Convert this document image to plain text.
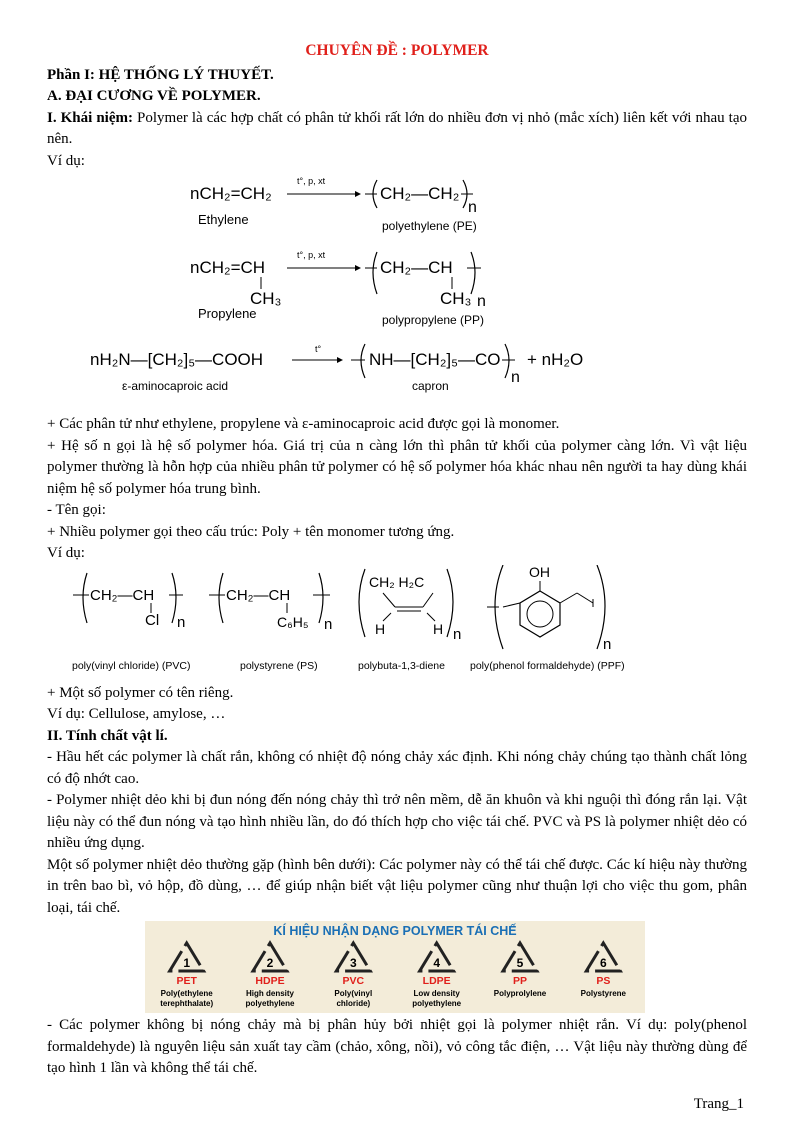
CHUYÊN ĐỀ : POLYMER

Phần I: HỆ THỐNG LÝ THUYẾT.

A. ĐẠI CƯƠNG VỀ POLYMER.

I. Khái niệm: Polymer là các hợp chất có phân tử khối rất lớn do nhiều đơn vị nhỏ (mắc xích) liên kết với nhau tạo nên.

Ví dụ:

nCH₂=CH₂
t°, p, xt
CH₂—CH₂
n
Ethylene	polyethylene (PE)
nCH₂=CH
CH₃
t°, p, xt
CH₂—CH
CH₃ n
Propylene	polypropylene (PP)
nH₂N—[CH₂]₅—COOH
t°
NH—[CH₂]₅—CO
n
+ nH₂O
ε-aminocaproic acid	capron

+ Các phân tử như ethylene, propylene và ε-aminocaproic acid được gọi là monomer.

+ Hệ số n gọi là hệ số polymer hóa. Giá trị của n càng lớn thì phân tử khối của polymer càng lớn. Vì vật liệu polymer thường là hỗn hợp của nhiều phân tử polymer có hệ số polymer hóa khác nhau nên người ta hay dùng khái niệm hệ số polymer hóa trung bình.

- Tên gọi:

+ Nhiều polymer gọi theo cấu trúc: Poly + tên monomer tương ứng.

Ví dụ:

CH₂—CH
Cl n
poly(vinyl chloride) (PVC)
CH₂—CH
C₆H₅ n
polystyrene (PS)
CH₂ H₂C
H	H n
polybuta-1,3-diene
OH
n
poly(phenol formaldehyde) (PPF)

+ Một số polymer có tên riêng.

Ví dụ: Cellulose, amylose, …

II. Tính chất vật lí.

- Hầu hết các polymer là chất rắn, không có nhiệt độ nóng chảy xác định. Khi nóng chảy chúng tạo thành chất lỏng có độ nhớt cao.

- Polymer nhiệt dẻo khi bị đun nóng đến nóng chảy thì trở nên mềm, dễ ăn khuôn và khi nguội thì đóng rắn lại. Vật liệu này có thể đun nóng và tạo hình nhiều lần, do đó thích hợp cho việc tái chế. PVC và PS là polymer nhiệt dẻo có nhiều ứng dụng.

Một số polymer nhiệt dẻo thường gặp (hình bên dưới): Các polymer này có thể tái chế được. Các kí hiệu này thường in trên bao bì, vỏ hộp, đồ dùng, … để giúp nhận biết vật liệu polymer cũng như thuận lợi cho việc thu gom, phân loại, tái chế.

KÍ HIỆU NHẬN DẠNG POLYMER TÁI CHẾ
1
PET
Poly(ethylene
terephthalate)
2
HDPE
High density
polyethylene
3
PVC
Poly(vinyl
chloride)
4
LDPE
Low density
polyethylene
5
PP
Polyprolylene
6
PS
Polystyrene

- Các polymer không bị nóng chảy mà bị phân hủy bởi nhiệt gọi là polymer nhiệt rắn. Ví dụ: poly(phenol formaldehyde) là nguyên liệu sản xuất tay cầm (chảo, xông, nồi), vỏ công tắc điện, … Vật liệu này thường dùng để tạo hình 1 lần và không thể tái chế.

Trang_1
